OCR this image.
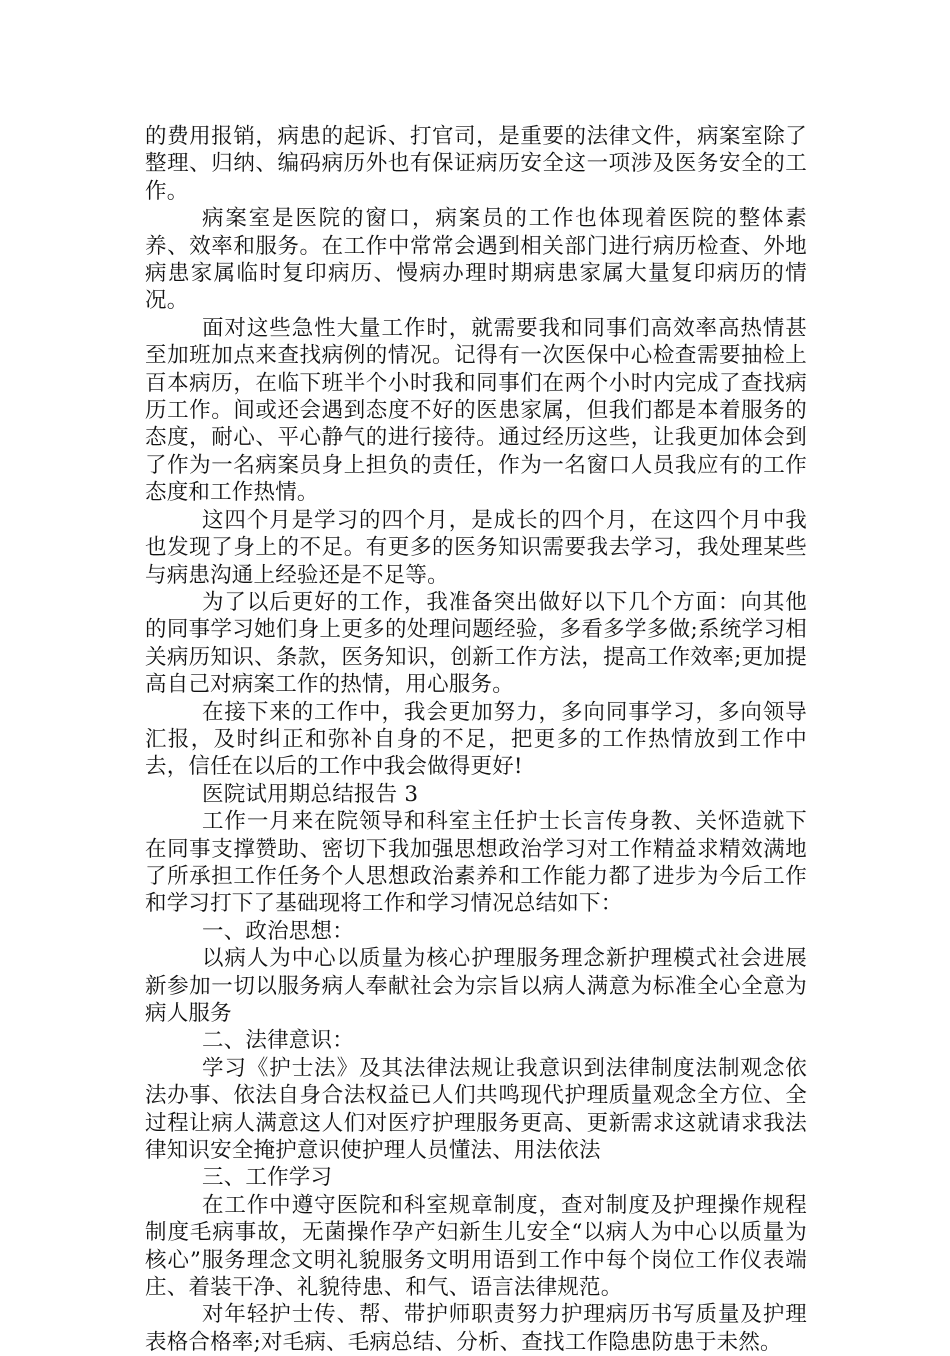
的费用报销，病患的起诉、打官司，是重要的法律文件，病案室除了整理、归纳、编码病历外也有保证病历安全这一项涉及医务安全的工作。

病案室是医院的窗口，病案员的工作也体现着医院的整体素养、效率和服务。在工作中常常会遇到相关部门进行病历检查、外地病患家属临时复印病历、慢病办理时期病患家属大量复印病历的情况。

面对这些急性大量工作时，就需要我和同事们高效率高热情甚至加班加点来查找病例的情况。记得有一次医保中心检查需要抽检上百本病历，在临下班半个小时我和同事们在两个小时内完成了查找病历工作。间或还会遇到态度不好的医患家属，但我们都是本着服务的态度，耐心、平心静气的进行接待。通过经历这些，让我更加体会到了作为一名病案员身上担负的责任，作为一名窗口人员我应有的工作态度和工作热情。

这四个月是学习的四个月，是成长的四个月，在这四个月中我也发现了身上的不足。有更多的医务知识需要我去学习，我处理某些与病患沟通上经验还是不足等。

为了以后更好的工作，我准备突出做好以下几个方面：向其他的同事学习她们身上更多的处理问题经验，多看多学多做;系统学习相关病历知识、条款，医务知识，创新工作方法，提高工作效率;更加提高自己对病案工作的热情，用心服务。

在接下来的工作中，我会更加努力，多向同事学习，多向领导汇报，及时纠正和弥补自身的不足，把更多的工作热情放到工作中去，信任在以后的工作中我会做得更好!

医院试用期总结报告 3

工作一月来在院领导和科室主任护士长言传身教、关怀造就下在同事支撑赞助、密切下我加强思想政治学习对工作精益求精效满地了所承担工作任务个人思想政治素养和工作能力都了进步为今后工作和学习打下了基础现将工作和学习情况总结如下：

一、政治思想：

以病人为中心以质量为核心护理服务理念新护理模式社会进展新参加一切以服务病人奉献社会为宗旨以病人满意为标准全心全意为病人服务

二、法律意识：

学习《护士法》及其法律法规让我意识到法律制度法制观念依法办事、依法自身合法权益已人们共鸣现代护理质量观念全方位、全过程让病人满意这人们对医疗护理服务更高、更新需求这就请求我法律知识安全掩护意识使护理人员懂法、用法依法

三、工作学习

在工作中遵守医院和科室规章制度，查对制度及护理操作规程制度毛病事故，无菌操作孕产妇新生儿安全“以病人为中心以质量为核心”服务理念文明礼貌服务文明用语到工作中每个岗位工作仪表端庄、着装干净、礼貌待患、和气、语言法律规范。

对年轻护士传、帮、带护师职责努力护理病历书写质量及护理表格合格率;对毛病、毛病总结、分析、查找工作隐患防患于未然。
